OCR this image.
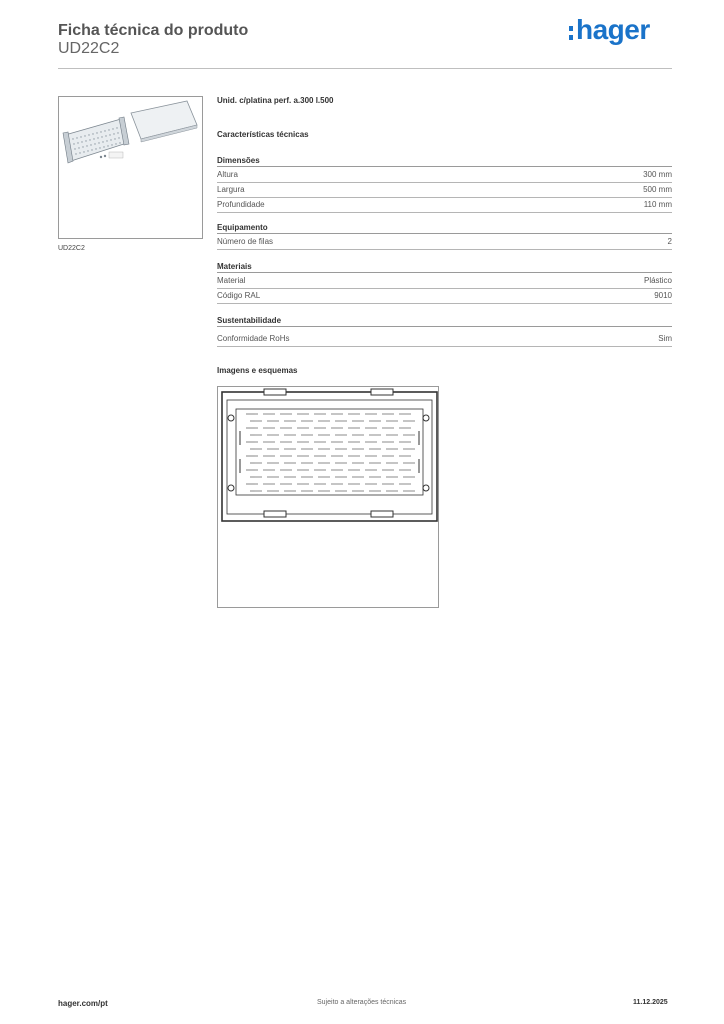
Ficha técnica do produto
UD22C2
hager
UD22C2
Unid. c/platina perf. a.300 l.500
Características técnicas
Dimensões
Altura	300 mm
Largura	500 mm
Profundidade	110 mm
Equipamento
Número de filas	2
Materiais
Material	Plástico
Código RAL	9010
Sustentabilidade
Conformidade RoHs	Sim
Imagens e esquemas
hager.com/pt	Sujeito a alterações técnicas	11.12.2025
